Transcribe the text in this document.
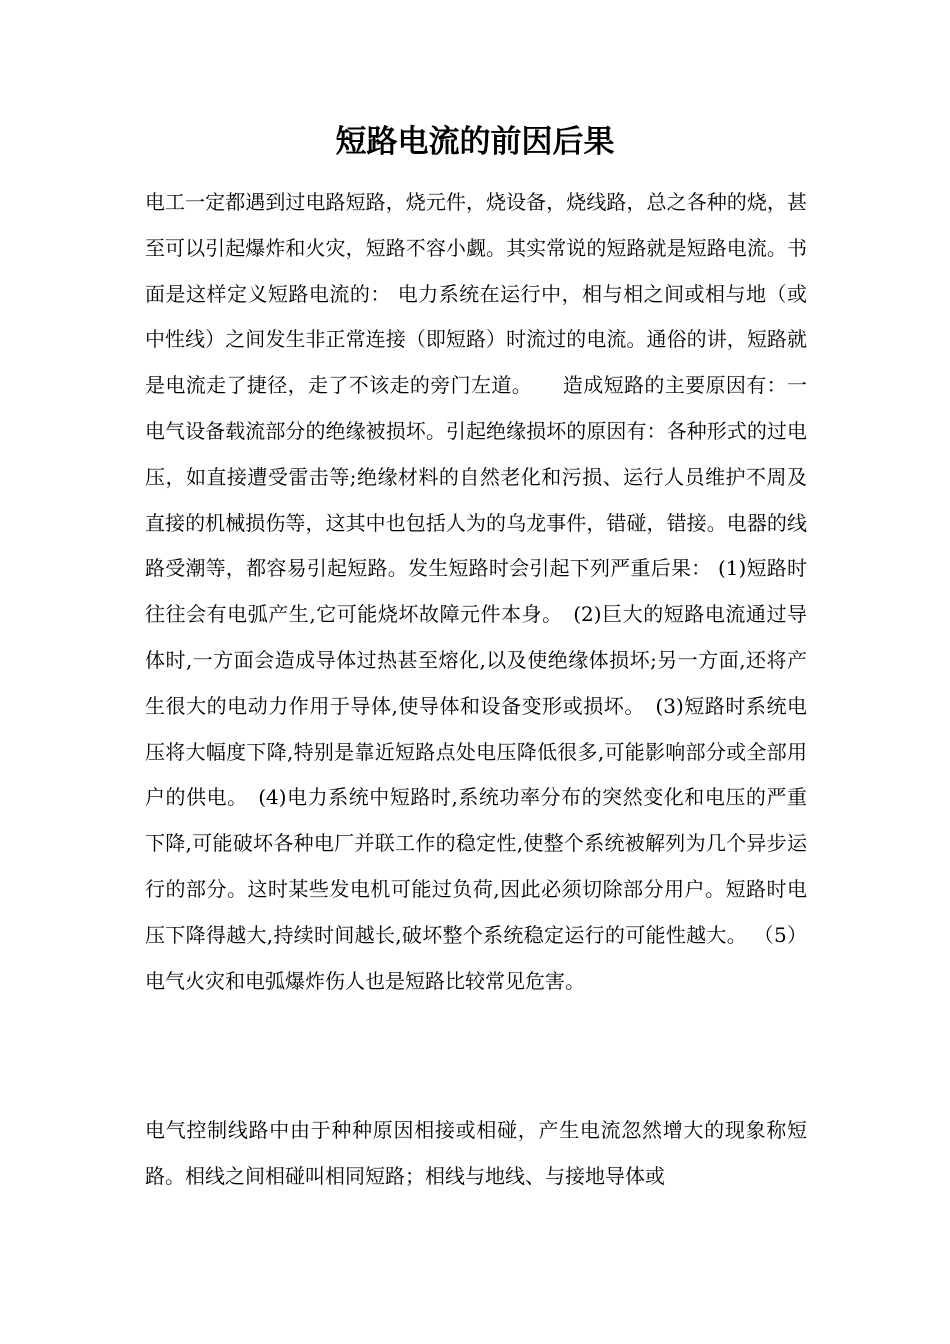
短路电流的前因后果

电工一定都遇到过电路短路，烧元件，烧设备，烧线路，总之各种的烧，甚至可以引起爆炸和火灾，短路不容小觑。其实常说的短路就是短路电流。书面是这样定义短路电流的： 电力系统在运行中，相与相之间或相与地（或中性线）之间发生非正常连接（即短路）时流过的电流。通俗的讲，短路就是电流走了捷径，走了不该走的旁门左道。　　造成短路的主要原因有：一电气设备载流部分的绝缘被损坏。引起绝缘损坏的原因有：各种形式的过电压，如直接遭受雷击等;绝缘材料的自然老化和污损、运行人员维护不周及直接的机械损伤等，这其中也包括人为的乌龙事件，错碰，错接。电器的线路受潮等，都容易引起短路。发生短路时会引起下列严重后果： (1)短路时往往会有电弧产生,它可能烧坏故障元件本身。　(2)巨大的短路电流通过导体时,一方面会造成导体过热甚至熔化,以及使绝缘体损坏;另一方面,还将产生很大的电动力作用于导体,使导体和设备变形或损坏。　(3)短路时系统电压将大幅度下降,特别是靠近短路点处电压降低很多,可能影响部分或全部用户的供电。　(4)电力系统中短路时,系统功率分布的突然变化和电压的严重下降,可能破坏各种电厂并联工作的稳定性,使整个系统被解列为几个异步运行的部分。这时某些发电机可能过负荷,因此必须切除部分用户。短路时电压下降得越大,持续时间越长,破坏整个系统稳定运行的可能性越大。 （5）电气火灾和电弧爆炸伤人也是短路比较常见危害。

电气控制线路中由于种种原因相接或相碰，产生电流忽然增大的现象称短路。相线之间相碰叫相同短路；相线与地线、与接地导体或
